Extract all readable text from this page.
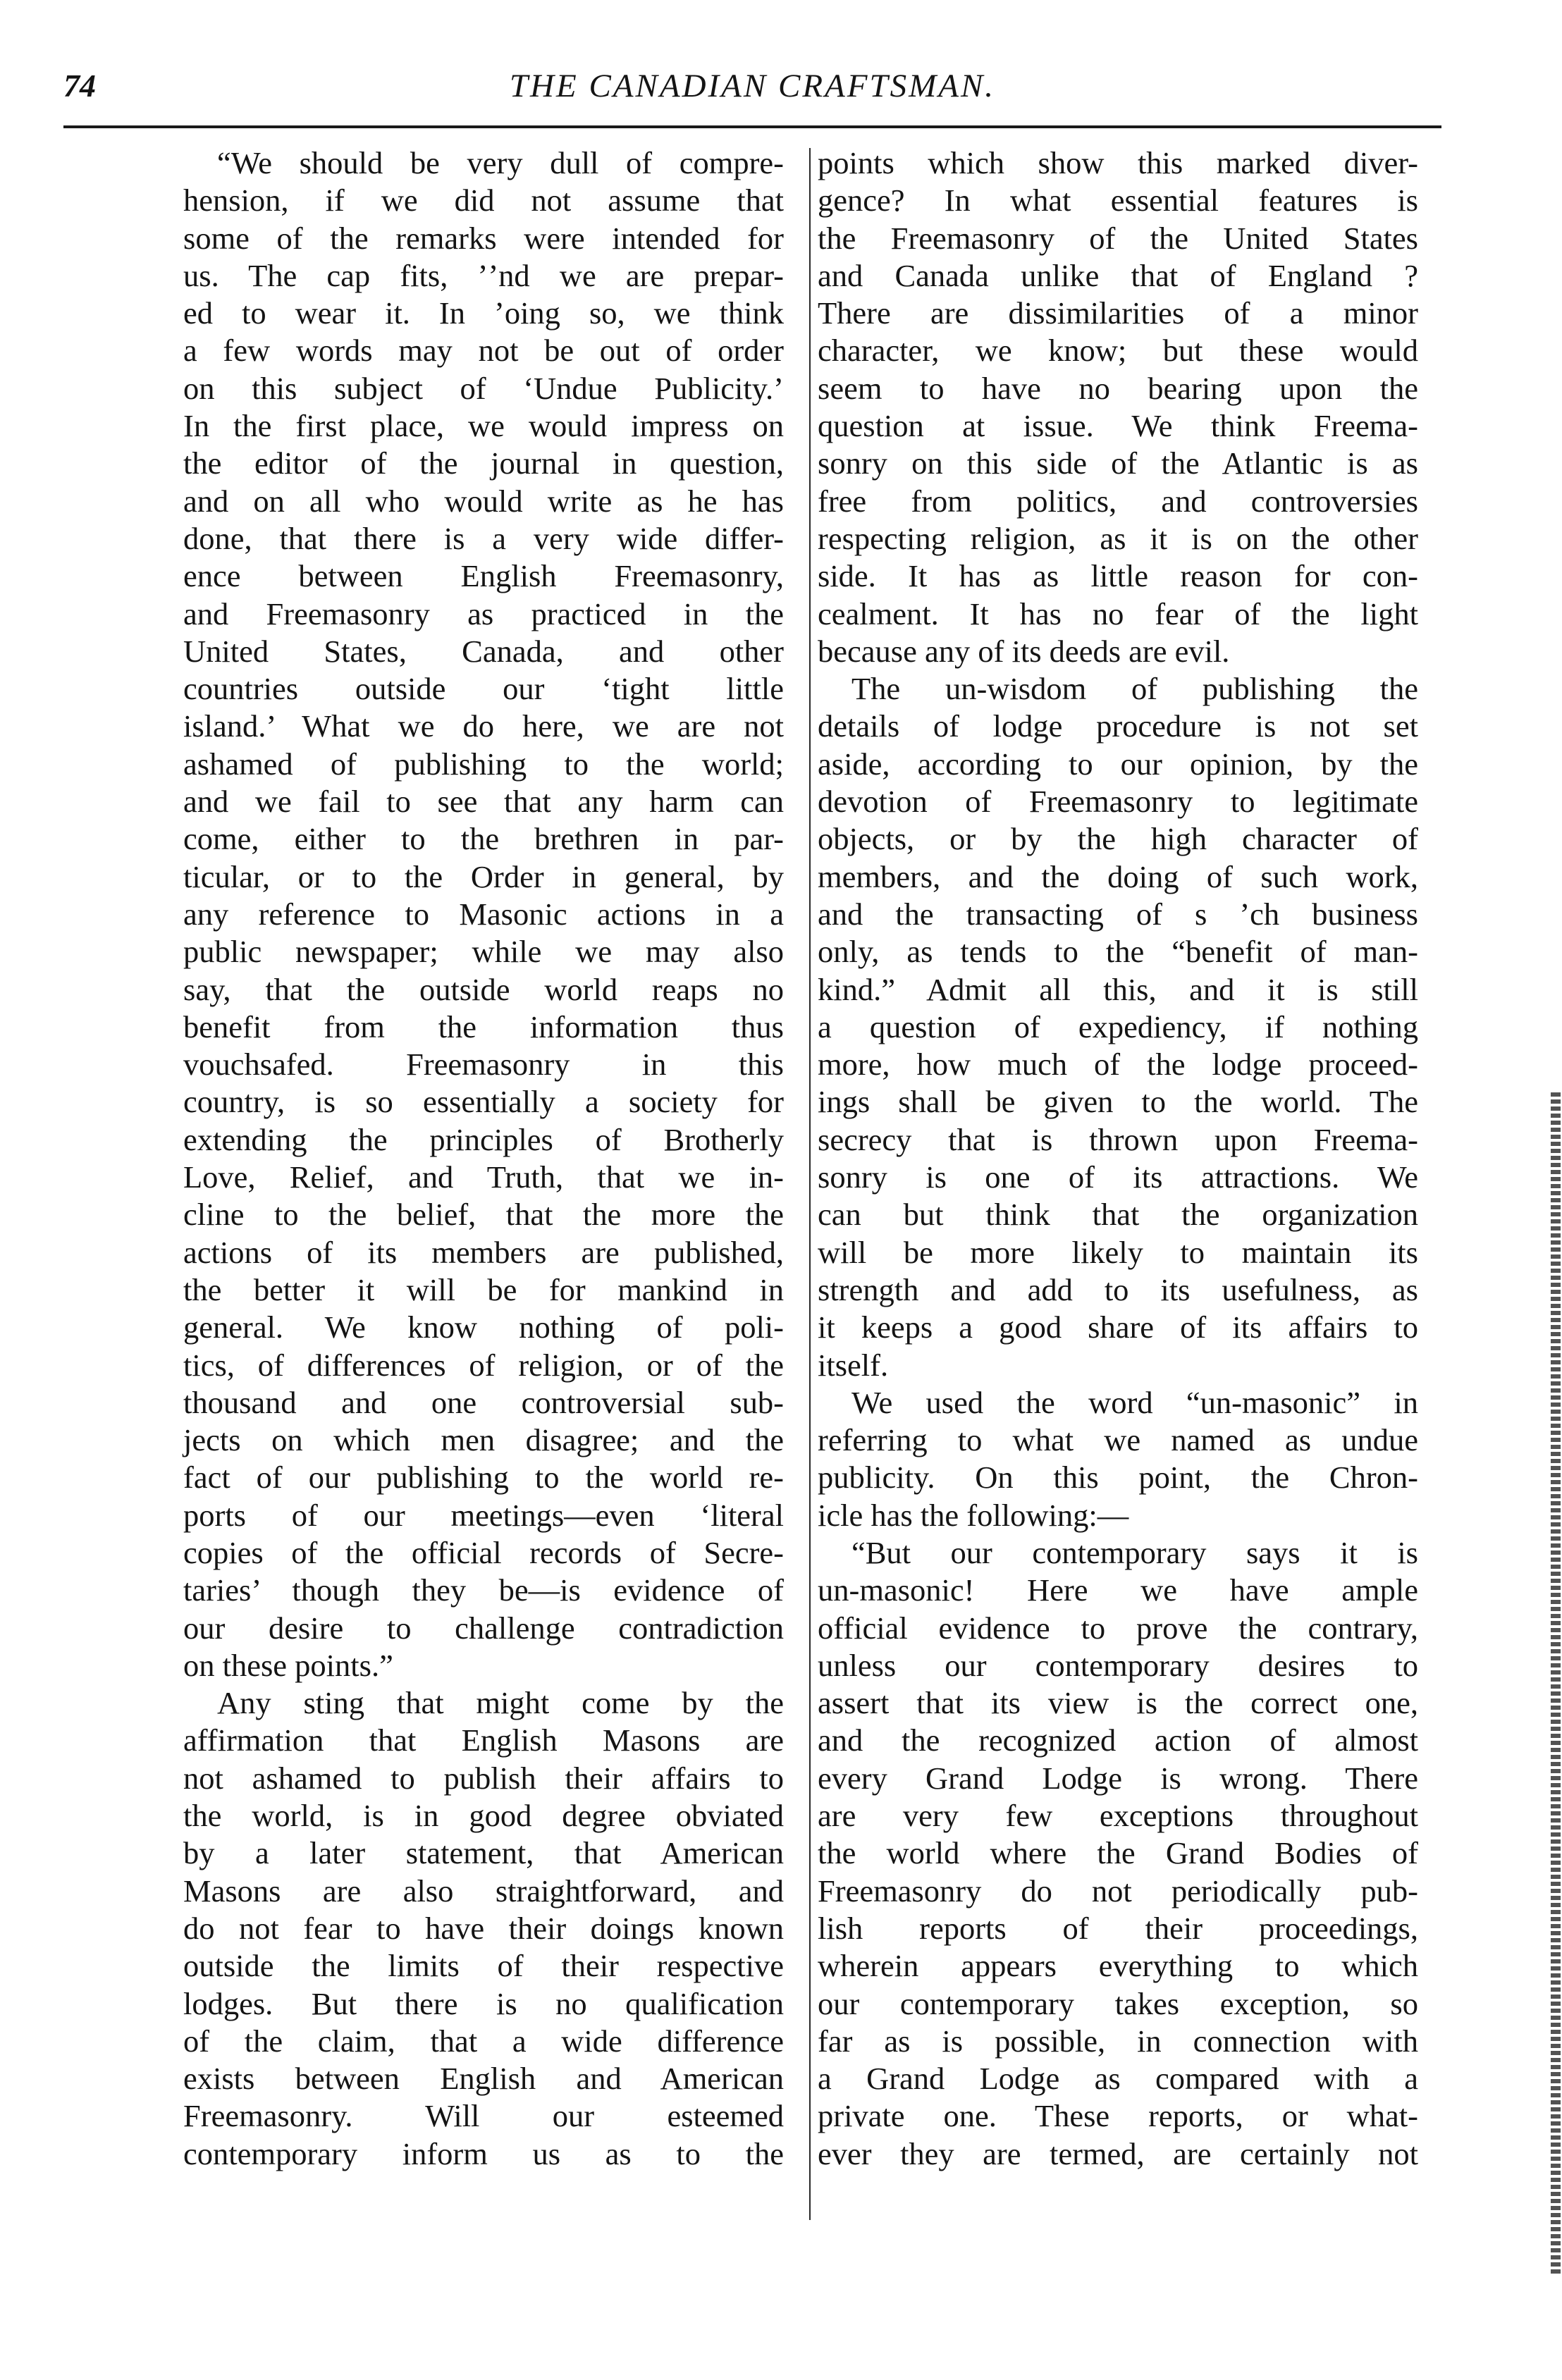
74	THE CANADIAN CRAFTSMAN.
“We should be very dull of compre-
hension, if we did not assume that
some of the remarks were intended for
us. The cap fits, ʼʼnd we are prepar-
ed to wear it. In ʼoing so, we think
a few words may not be out of order
on this subject of ‘Undue Publicity.’
In the first place, we would impress on
the editor of the journal in question,
and on all who would write as he has
done, that there is a very wide differ-
ence between English Freemasonry,
and Freemasonry as practiced in the
United States, Canada, and other
countries outside our ‘tight little
island.’ What we do here, we are not
ashamed of publishing to the world;
and we fail to see that any harm can
come, either to the brethren in par-
ticular, or to the Order in general, by
any reference to Masonic actions in a
public newspaper; while we may also
say, that the outside world reaps no
benefit from the information thus
vouchsafed. Freemasonry in this
country, is so essentially a society for
extending the principles of Brotherly
Love, Relief, and Truth, that we in-
cline to the belief, that the more the
actions of its members are published,
the better it will be for mankind in
general. We know nothing of poli-
tics, of differences of religion, or of the
thousand and one controversial sub-
jects on which men disagree; and the
fact of our publishing to the world re-
ports of our meetings—even ‘literal
copies of the official records of Secre-
taries’ though they be—is evidence of
our desire to challenge contradiction
on these points.”
Any sting that might come by the
affirmation that English Masons are
not ashamed to publish their affairs to
the world, is in good degree obviated
by a later statement, that American
Masons are also straightforward, and
do not fear to have their doings known
outside the limits of their respective
lodges. But there is no qualification
of the claim, that a wide difference
exists between English and American
Freemasonry. Will our esteemed
contemporary inform us as to the
points which show this marked diver-
gence? In what essential features is
the Freemasonry of the United States
and Canada unlike that of England ?
There are dissimilarities of a minor
character, we know; but these would
seem to have no bearing upon the
question at issue. We think Freema-
sonry on this side of the Atlantic is as
free from politics, and controversies
respecting religion, as it is on the other
side. It has as little reason for con-
cealment. It has no fear of the light
because any of its deeds are evil.
The un-wisdom of publishing the
details of lodge procedure is not set
aside, according to our opinion, by the
devotion of Freemasonry to legitimate
objects, or by the high character of
members, and the doing of such work,
and the transacting of s ʼch business
only, as tends to the “benefit of man-
kind.” Admit all this, and it is still
a question of expediency, if nothing
more, how much of the lodge proceed-
ings shall be given to the world. The
secrecy that is thrown upon Freema-
sonry is one of its attractions. We
can but think that the organization
will be more likely to maintain its
strength and add to its usefulness, as
it keeps a good share of its affairs to
itself.
We used the word “un-masonic” in
referring to what we named as undue
publicity. On this point, the Chron-
icle has the following:—
“But our contemporary says it is
un-masonic! Here we have ample
official evidence to prove the contrary,
unless our contemporary desires to
assert that its view is the correct one,
and the recognized action of almost
every Grand Lodge is wrong. There
are very few exceptions throughout
the world where the Grand Bodies of
Freemasonry do not periodically pub-
lish reports of their proceedings,
wherein appears everything to which
our contemporary takes exception, so
far as is possible, in connection with
a Grand Lodge as compared with a
private one. These reports, or what-
ever they are termed, are certainly not
